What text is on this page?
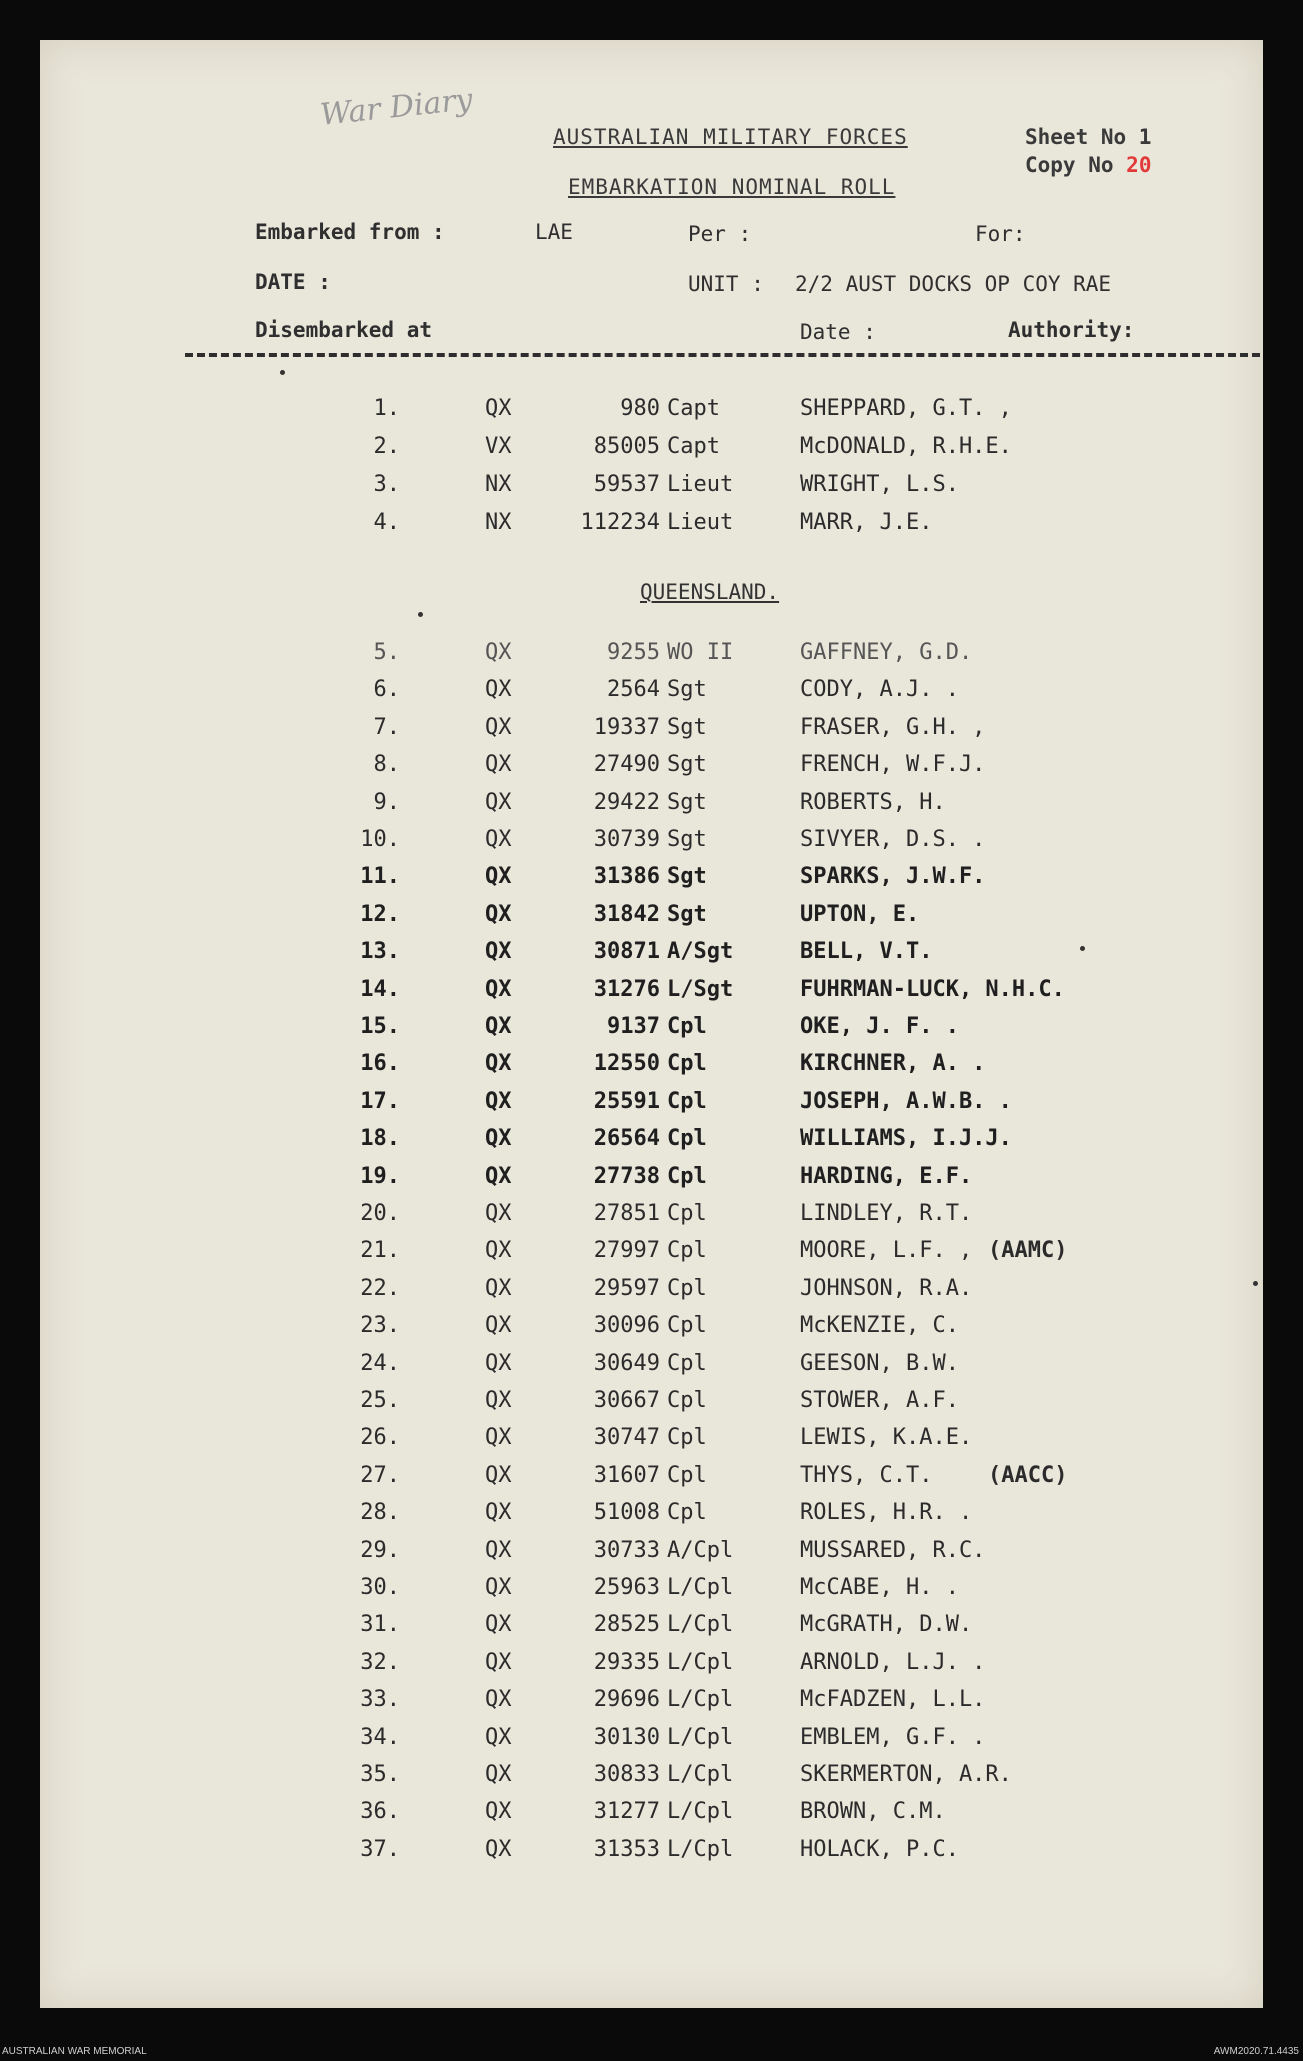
War Diary
AUSTRALIAN MILITARY FORCES
EMBARKATION NOMINAL ROLL
Sheet No 1
Copy No 20
Embarked from :	LAE	Per :	For:
DATE :	UNIT : 2/2 AUST DOCKS OP COY RAE
Disembarked at	Date :	Authority:
1.	QX	980 Capt	SHEPPARD, G.T. ,
2.	VX	85005 Capt	McDONALD, R.H.E.
3.	NX	59537 Lieut	WRIGHT, L.S.
4.	NX	112234 Lieut	MARR, J.E.
QUEENSLAND.
5.	QX	9255 WO II	GAFFNEY, G.D.
6.	QX	2564 Sgt	CODY, A.J. .
7.	QX	19337 Sgt	FRASER, G.H. ,
8.	QX	27490 Sgt	FRENCH, W.F.J.
9.	QX	29422 Sgt	ROBERTS, H.
10.	QX	30739 Sgt	SIVYER, D.S. .
11.	QX	31386 Sgt	SPARKS, J.W.F.
12.	QX	31842 Sgt	UPTON, E.
13.	QX	30871 A/Sgt	BELL, V.T.
14.	QX	31276 L/Sgt	FUHRMAN-LUCK, N.H.C.
15.	QX	9137 Cpl	OKE, J. F. .
16.	QX	12550 Cpl	KIRCHNER, A. .
17.	QX	25591 Cpl	JOSEPH, A.W.B. .
18.	QX	26564 Cpl	WILLIAMS, I.J.J.
19.	QX	27738 Cpl	HARDING, E.F.
20.	QX	27851 Cpl	LINDLEY, R.T.
21.	QX	27997 Cpl	MOORE, L.F. , (AAMC)
22.	QX	29597 Cpl	JOHNSON, R.A.
23.	QX	30096 Cpl	McKENZIE, C.
24.	QX	30649 Cpl	GEESON, B.W.
25.	QX	30667 Cpl	STOWER, A.F.
26.	QX	30747 Cpl	LEWIS, K.A.E.
27.	QX	31607 Cpl	THYS, C.T.	(AACC)
28.	QX	51008 Cpl	ROLES, H.R. .
29.	QX	30733 A/Cpl	MUSSARED, R.C.
30.	QX	25963 L/Cpl	McCABE, H. .
31.	QX	28525 L/Cpl	McGRATH, D.W.
32.	QX	29335 L/Cpl	ARNOLD, L.J. .
33.	QX	29696 L/Cpl	McFADZEN, L.L.
34.	QX	30130 L/Cpl	EMBLEM, G.F. .
35.	QX	30833 L/Cpl	SKERMERTON, A.R.
36.	QX	31277 L/Cpl	BROWN, C.M.
37.	QX	31353 L/Cpl	HOLACK, P.C.
AUSTRALIAN WAR MEMORIAL	AWM2020.71.4435
